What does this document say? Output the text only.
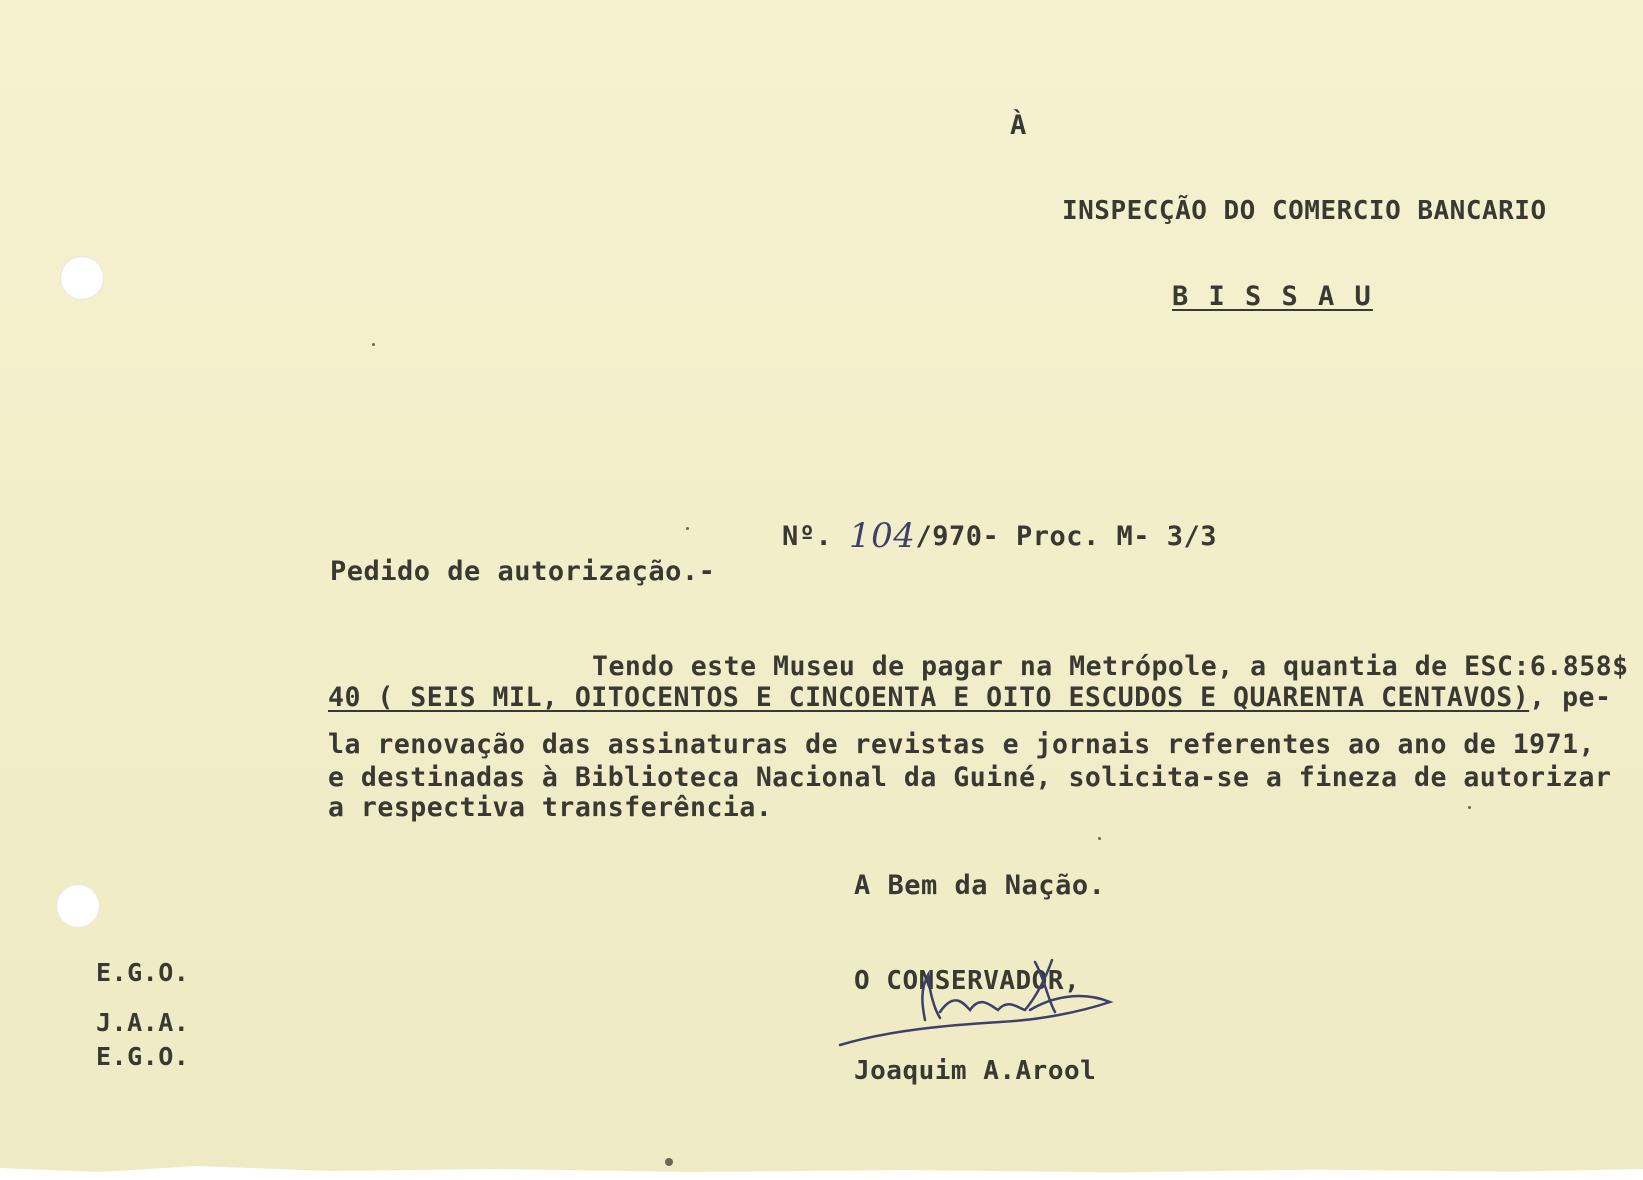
À
INSPECÇÃO DO COMERCIO BANCARIO
B I S S A U
Nº. 104/970- Proc. M- 3/3
Pedido de autorização.-
Tendo este Museu de pagar na Metrópole, a quantia de ESC:6.858$
40 ( SEIS MIL, OITOCENTOS E CINCOENTA E OITO ESCUDOS E QUARENTA CENTAVOS), pe-
la renovação das assinaturas de revistas e jornais referentes ao ano de 1971,
e destinadas à Biblioteca Nacional da Guiné, solicita-se a fineza de autorizar
a respectiva transferência.
A Bem da Nação.
O CONSERVADOR,
Joaquim A.Arool
E.G.O.
J.A.A.
E.G.O.
